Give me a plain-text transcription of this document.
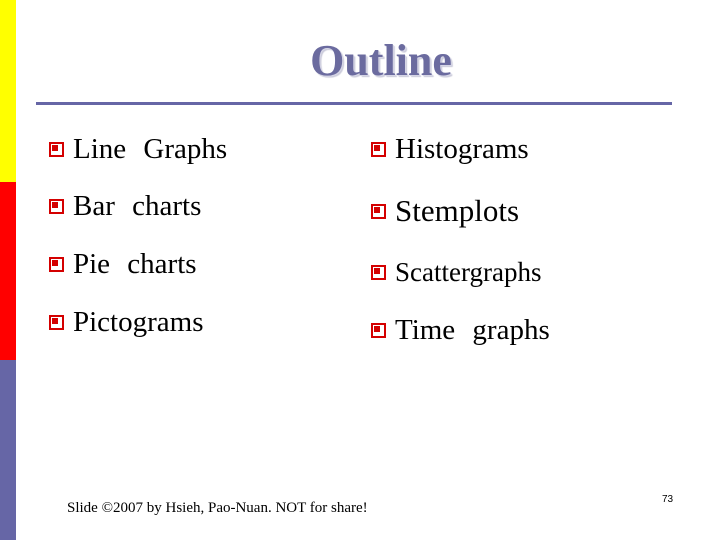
Outline
Line Graphs
Bar charts
Pie charts
Pictograms
Histograms
Stemplots
Scattergraphs
Time graphs
Slide ©2007 by Hsieh, Pao-Nuan. NOT for share!
73
